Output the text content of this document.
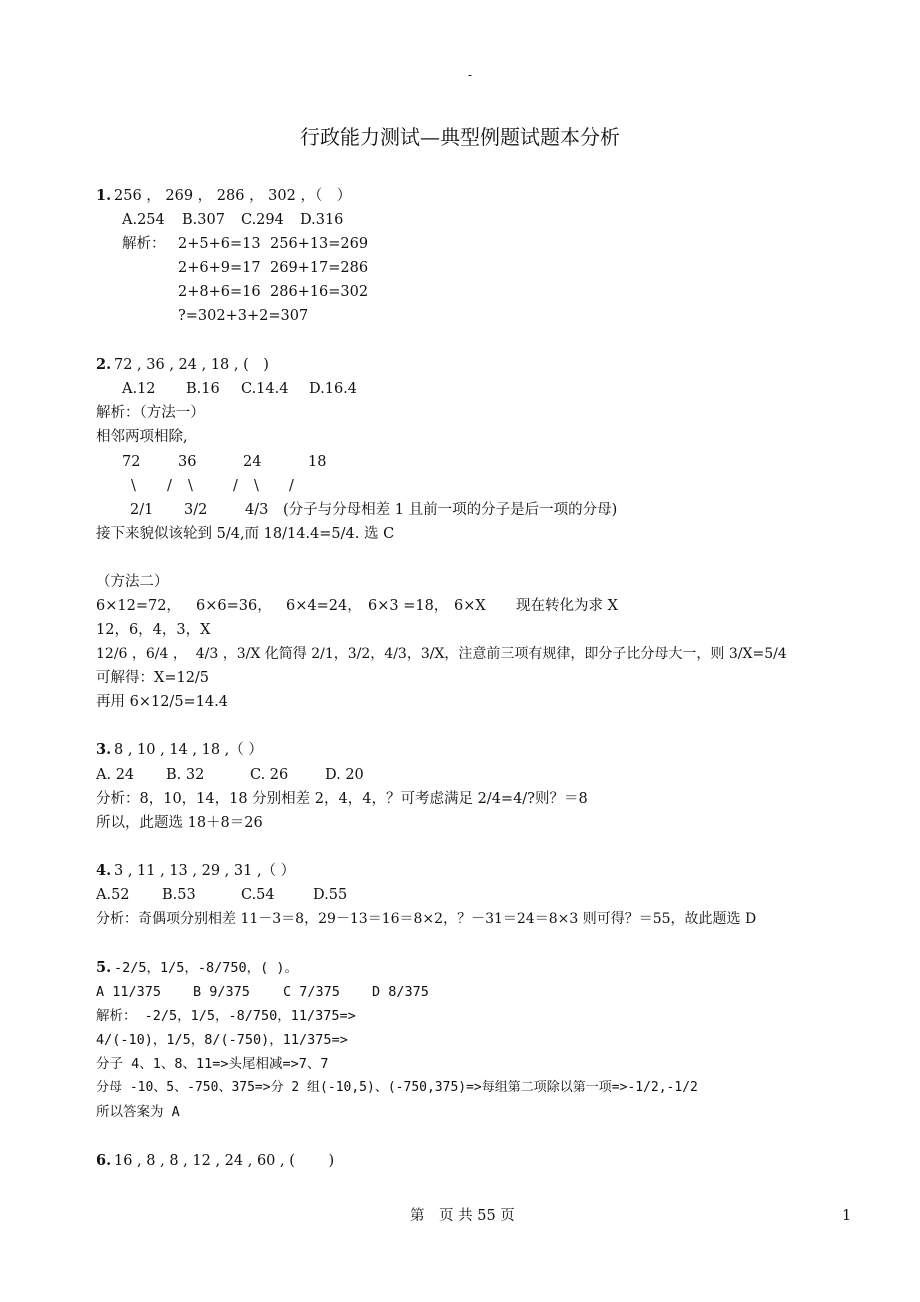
-
行政能力测试—典型例题试题本分析
1. 256 ， 269 ， 286 ， 302 ，（　）
A.254 B.307 C.294 D.316
解析： 2+5+6=13 256+13=269
2+6+9=17 269+17=286
2+8+6=16 286+16=302
?=302+3+2=307
2. 72 , 36 , 24 , 18 , (　)
A.12 B.16 C.14.4 D.16.4
解析：（方法一）
相邻两项相除,
72	36	24	18
\ / \	/ \ /
2/1 3/2	4/3 (分子与分母相差 1 且前一项的分子是后一项的分母)
接下来貌似该轮到 5/4,而 18/14.4=5/4. 选 C
（方法二）
6×12=72， 6×6=36， 6×4=24， 6×3 =18， 6×X 现在转化为求 X
12，6，4，3，X
12/6 ，6/4 ，  4/3 ，3/X 化简得 2/1，3/2，4/3，3/X，注意前三项有规律，即分子比分母大一，则 3/X=5/4
可解得：X=12/5
再用 6×12/5=14.4
3. 8 , 10 , 14 , 18 ,（ ）
A. 24 B. 32	C. 26	D. 20
分析：8，10，14，18 分别相差 2，4，4，？可考虑满足 2/4=4/?则？＝8
所以，此题选 18＋8＝26
4. 3 , 11 , 13 , 29 , 31 ,（ ）
A.52 B.53	C.54	D.55
分析：奇偶项分别相差 11－3＝8，29－13＝16＝8×2，？－31＝24＝8×3 则可得？＝55，故此题选 D
5. -2/5，1/5，-8/750，( )。
A 11/375 B 9/375 C 7/375 D 8/375
解析： -2/5，1/5，-8/750，11/375=>
4/(-10)，1/5，8/(-750)，11/375=>
分子 4、1、8、11=>头尾相减=>7、7
分母 -10、5、-750、375=>分 2 组(-10,5)、(-750,375)=>每组第二项除以第一项=>-1/2,-1/2
所以答案为 A
6. 16 , 8 , 8 , 12 , 24 , 60 , (　　 )
第　页 共 55 页	1
